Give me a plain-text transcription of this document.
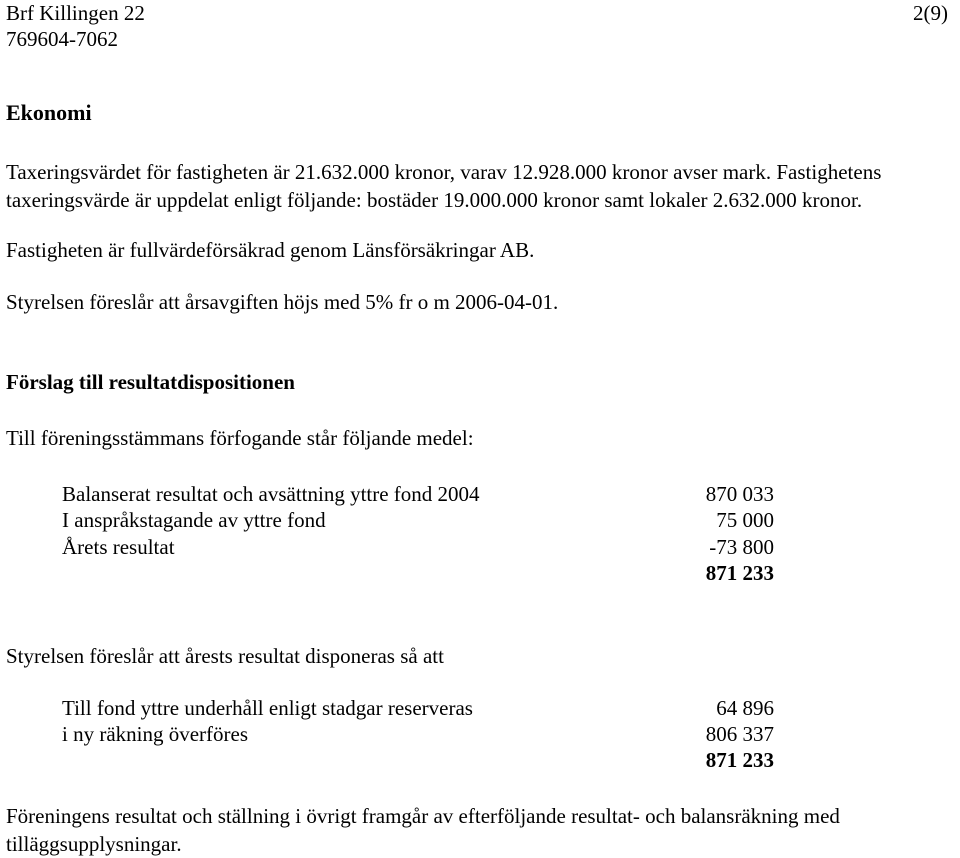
Brf Killingen 22
769604-7062
2(9)
Ekonomi
Taxeringsvärdet för fastigheten är 21.632.000 kronor, varav 12.928.000 kronor avser mark. Fastighetens
taxeringsvärde är uppdelat enligt följande: bostäder 19.000.000 kronor samt lokaler 2.632.000 kronor.
Fastigheten är fullvärdeförsäkrad genom Länsförsäkringar AB.
Styrelsen föreslår att årsavgiften höjs med 5% fr o m 2006-04-01.
Förslag till resultatdispositionen
Till föreningsstämmans förfogande står följande medel:
Balanserat resultat och avsättning yttre fond 2004	870 033
I anspråkstagande av yttre fond	75 000
Årets resultat	-73 800
871 233
Styrelsen föreslår att årests resultat disponeras så att
Till fond yttre underhåll enligt stadgar reserveras	64 896
i ny räkning överföres	806 337
871 233
Föreningens resultat och ställning i övrigt framgår av efterföljande resultat- och balansräkning med
tilläggsupplysningar.
